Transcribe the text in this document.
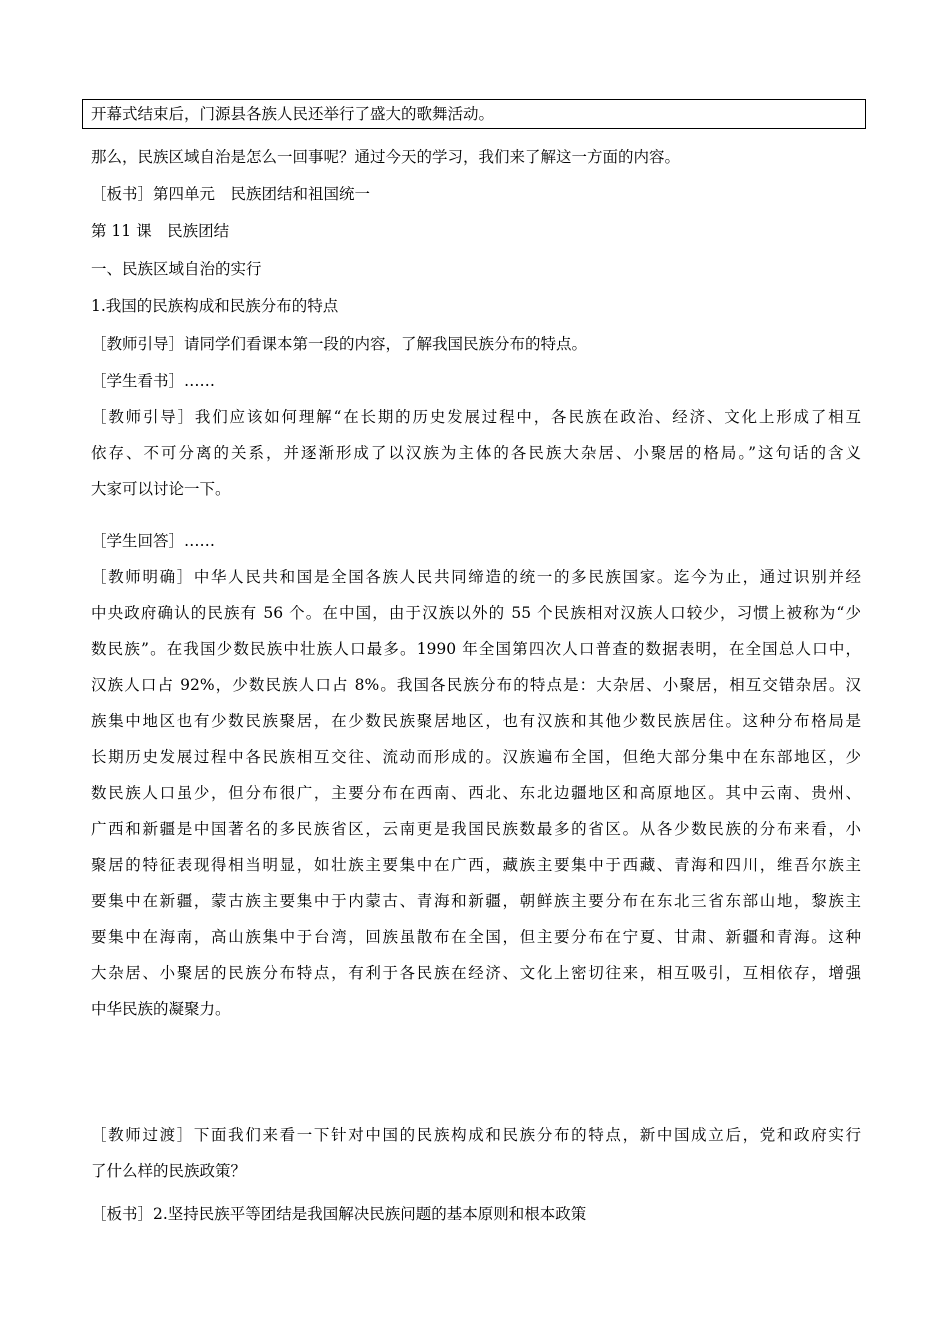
开幕式结束后，门源县各族人民还举行了盛大的歌舞活动。
那么，民族区域自治是怎么一回事呢？通过今天的学习，我们来了解这一方面的内容。
［板书］第四单元　民族团结和祖国统一
第 11 课　民族团结
一、民族区域自治的实行
1.我国的民族构成和民族分布的特点
［教师引导］请同学们看课本第一段的内容，了解我国民族分布的特点。
［学生看书］……
［教师引导］我们应该如何理解“在长期的历史发展过程中，各民族在政治、经济、文化上形成了相互
依存、不可分离的关系，并逐渐形成了以汉族为主体的各民族大杂居、小聚居的格局。”这句话的含义
大家可以讨论一下。
［学生回答］……
［教师明确］中华人民共和国是全国各族人民共同缔造的统一的多民族国家。迄今为止，通过识别并经
中央政府确认的民族有 56 个。在中国，由于汉族以外的 55 个民族相对汉族人口较少，习惯上被称为“少
数民族”。在我国少数民族中壮族人口最多。1990 年全国第四次人口普查的数据表明，在全国总人口中，
汉族人口占 92%，少数民族人口占 8%。我国各民族分布的特点是：大杂居、小聚居，相互交错杂居。汉
族集中地区也有少数民族聚居，在少数民族聚居地区，也有汉族和其他少数民族居住。这种分布格局是
长期历史发展过程中各民族相互交往、流动而形成的。汉族遍布全国，但绝大部分集中在东部地区，少
数民族人口虽少，但分布很广，主要分布在西南、西北、东北边疆地区和高原地区。其中云南、贵州、
广西和新疆是中国著名的多民族省区，云南更是我国民族数最多的省区。从各少数民族的分布来看，小
聚居的特征表现得相当明显，如壮族主要集中在广西，藏族主要集中于西藏、青海和四川，维吾尔族主
要集中在新疆，蒙古族主要集中于内蒙古、青海和新疆，朝鲜族主要分布在东北三省东部山地，黎族主
要集中在海南，高山族集中于台湾，回族虽散布在全国，但主要分布在宁夏、甘肃、新疆和青海。这种
大杂居、小聚居的民族分布特点，有利于各民族在经济、文化上密切往来，相互吸引，互相依存，增强
中华民族的凝聚力。
［教师过渡］下面我们来看一下针对中国的民族构成和民族分布的特点，新中国成立后，党和政府实行
了什么样的民族政策？
［板书］2.坚持民族平等团结是我国解决民族问题的基本原则和根本政策
